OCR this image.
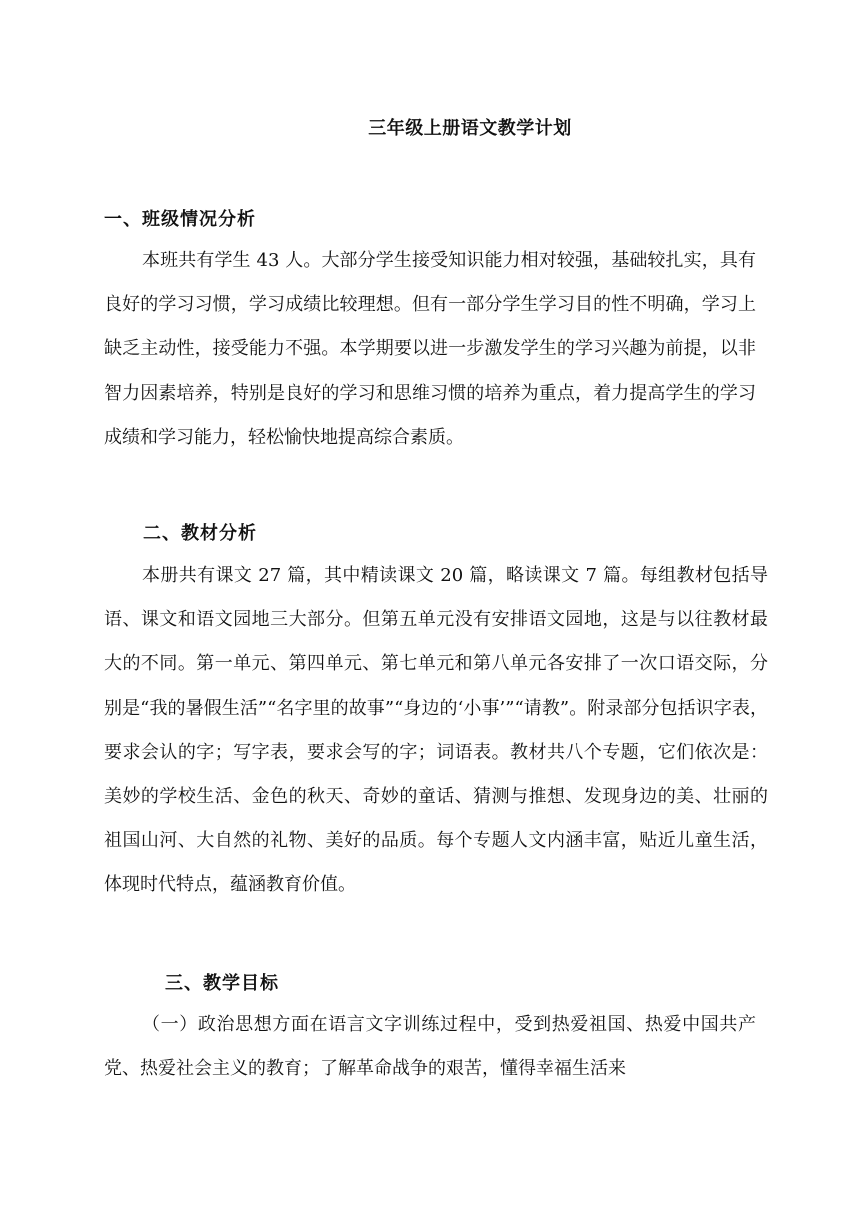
三年级上册语文教学计划
一、班级情况分析

本班共有学生 43 人。大部分学生接受知识能力相对较强，基础较扎实，具有良好的学习习惯，学习成绩比较理想。但有一部分学生学习目的性不明确，学习上缺乏主动性，接受能力不强。本学期要以进一步激发学生的学习兴趣为前提，以非智力因素培养，特别是良好的学习和思维习惯的培养为重点，着力提高学生的学习成绩和学习能力，轻松愉快地提高综合素质。

二、教材分析

本册共有课文 27 篇，其中精读课文 20 篇，略读课文 7 篇。每组教材包括导语、课文和语文园地三大部分。但第五单元没有安排语文园地，这是与以往教材最大的不同。第一单元、第四单元、第七单元和第八单元各安排了一次口语交际，分别是“我的暑假生活”“名字里的故事”“身边的‘小事’”“请教”。附录部分包括识字表，要求会认的字；写字表，要求会写的字；词语表。教材共八个专题，它们依次是：美妙的学校生活、金色的秋天、奇妙的童话、猜测与推想、发现身边的美、壮丽的祖国山河、大自然的礼物、美好的品质。每个专题人文内涵丰富，贴近儿童生活，体现时代特点，蕴涵教育价值。

三、教学目标

（一）政治思想方面在语言文字训练过程中，受到热爱祖国、热爱中国共产党、热爱社会主义的教育；了解革命战争的艰苦，懂得幸福生活来
